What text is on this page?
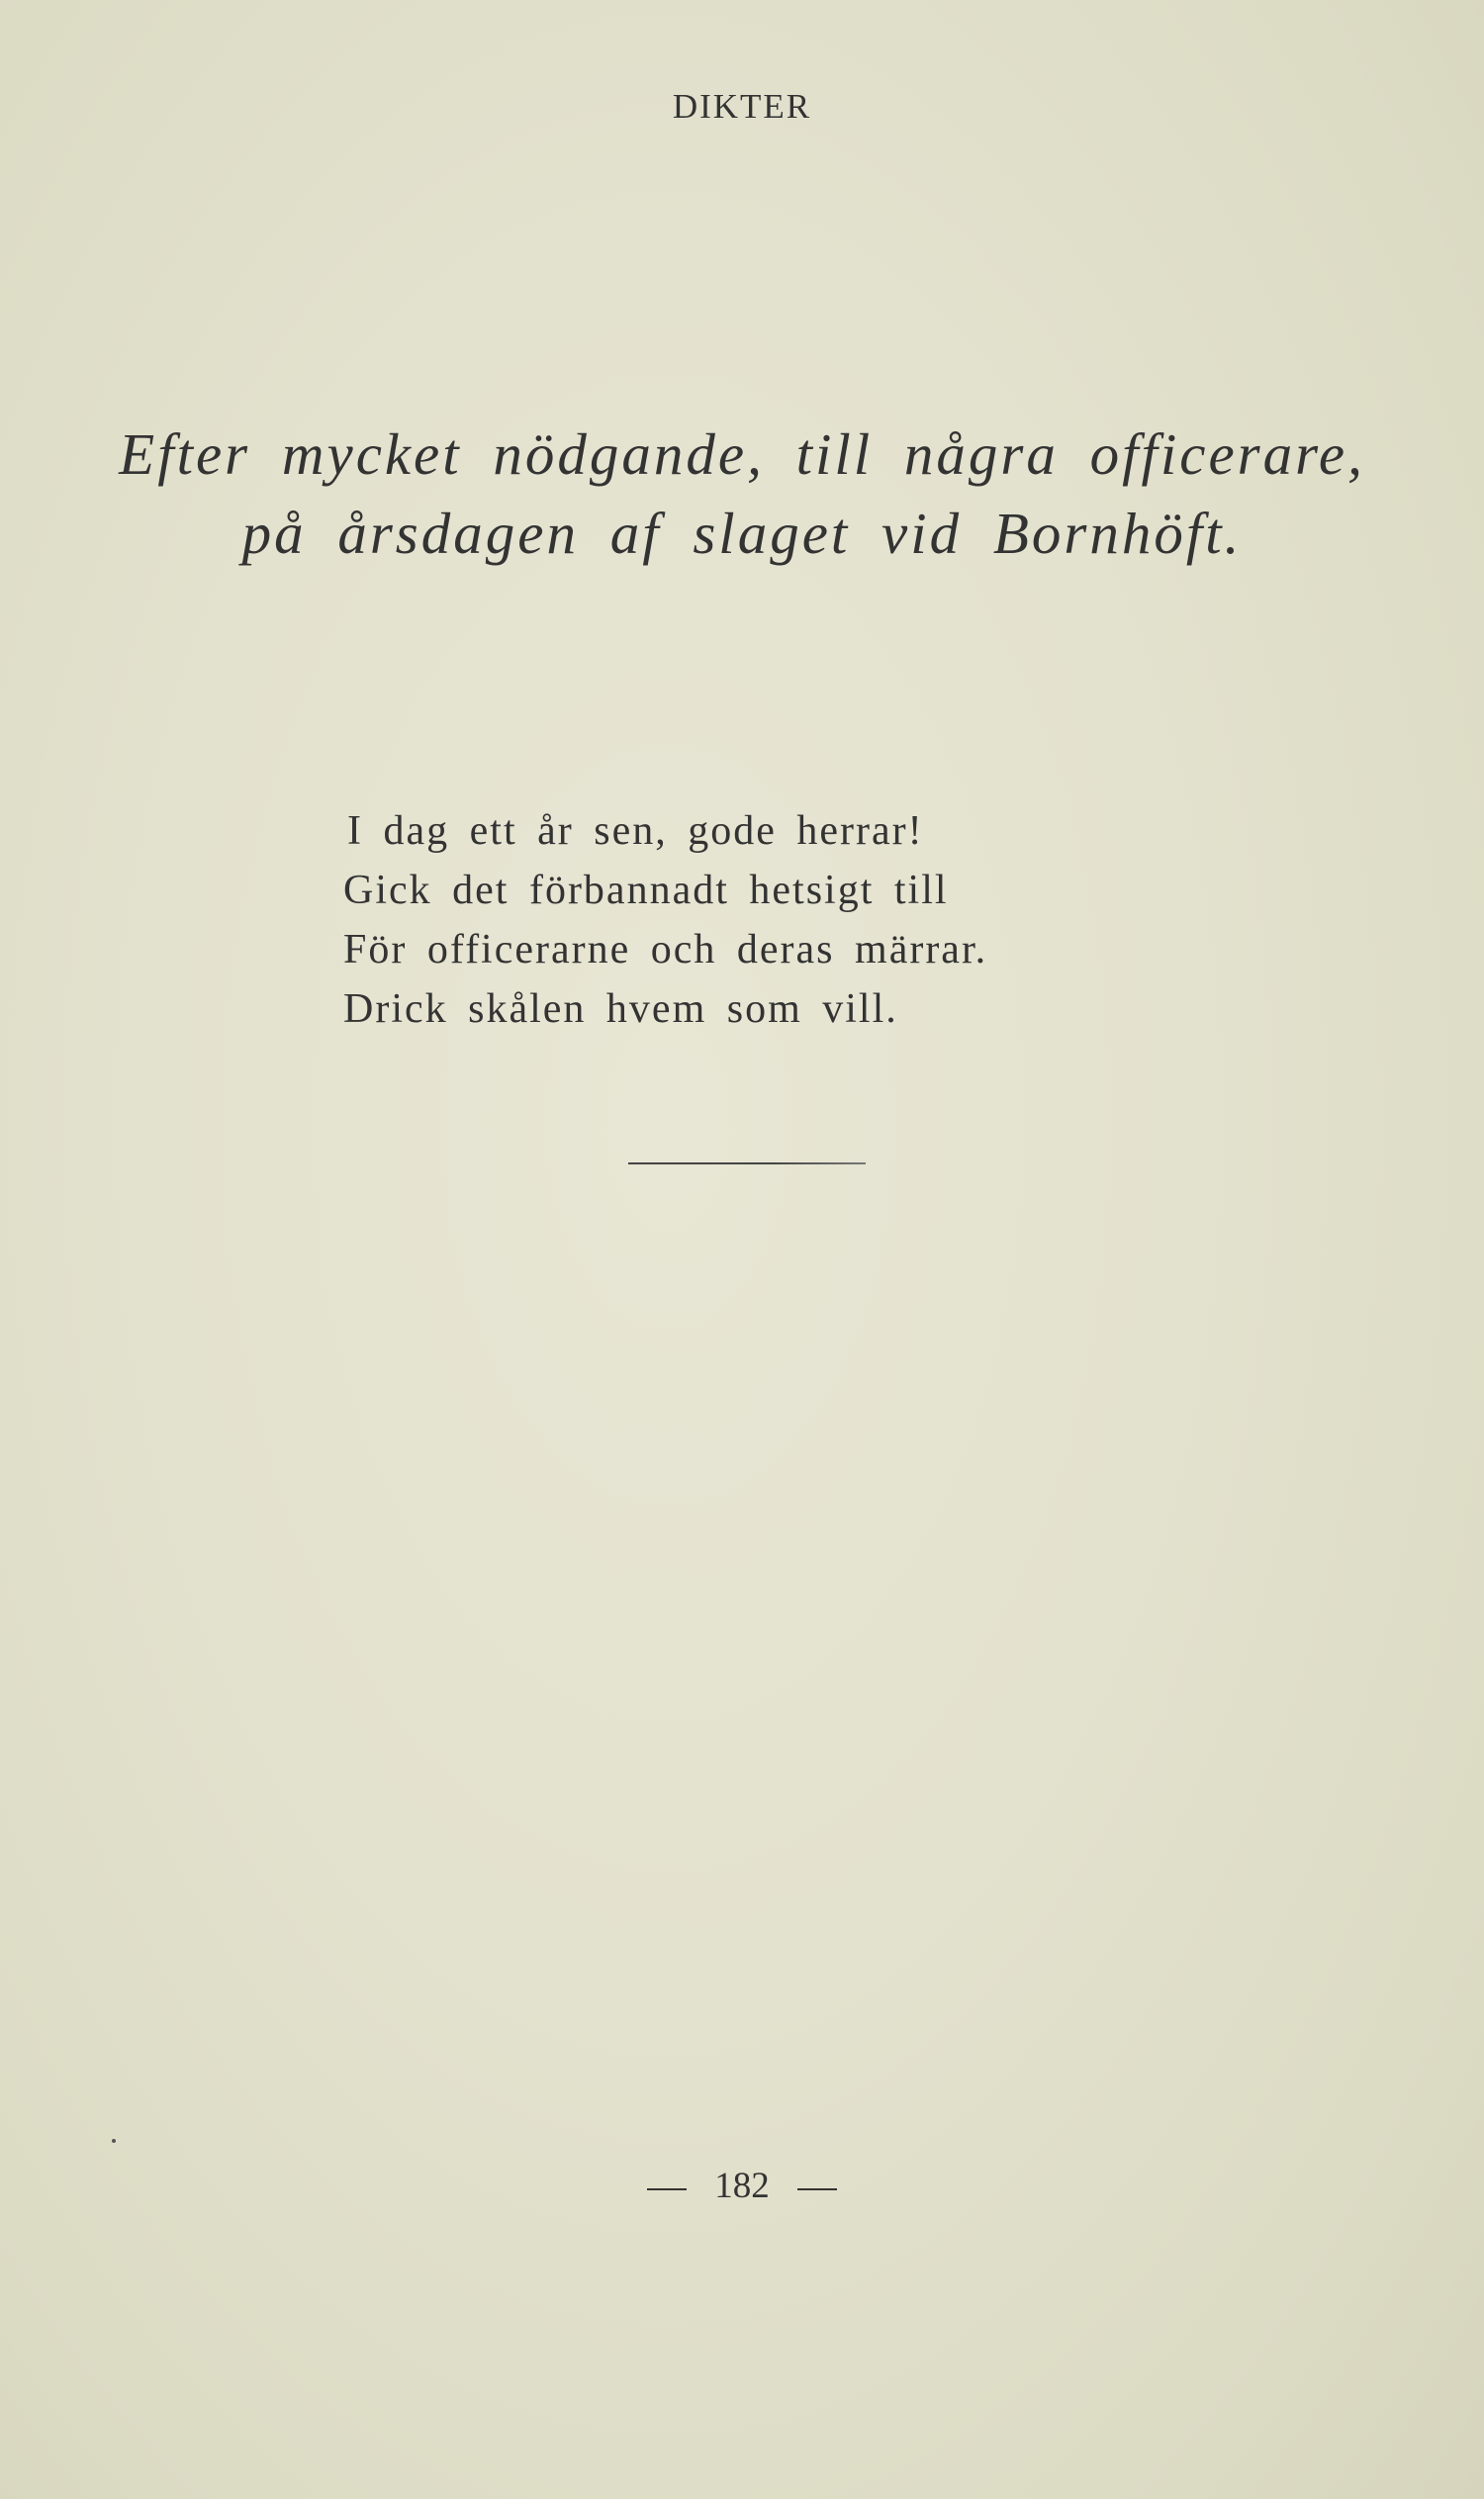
DIKTER
Efter mycket nödgande, till några officerare,
på årsdagen af slaget vid Bornhöft.
I dag ett år sen, gode herrar!
Gick det förbannadt hetsigt till
För officerarne och deras märrar.
Drick skålen hvem som vill.
182
